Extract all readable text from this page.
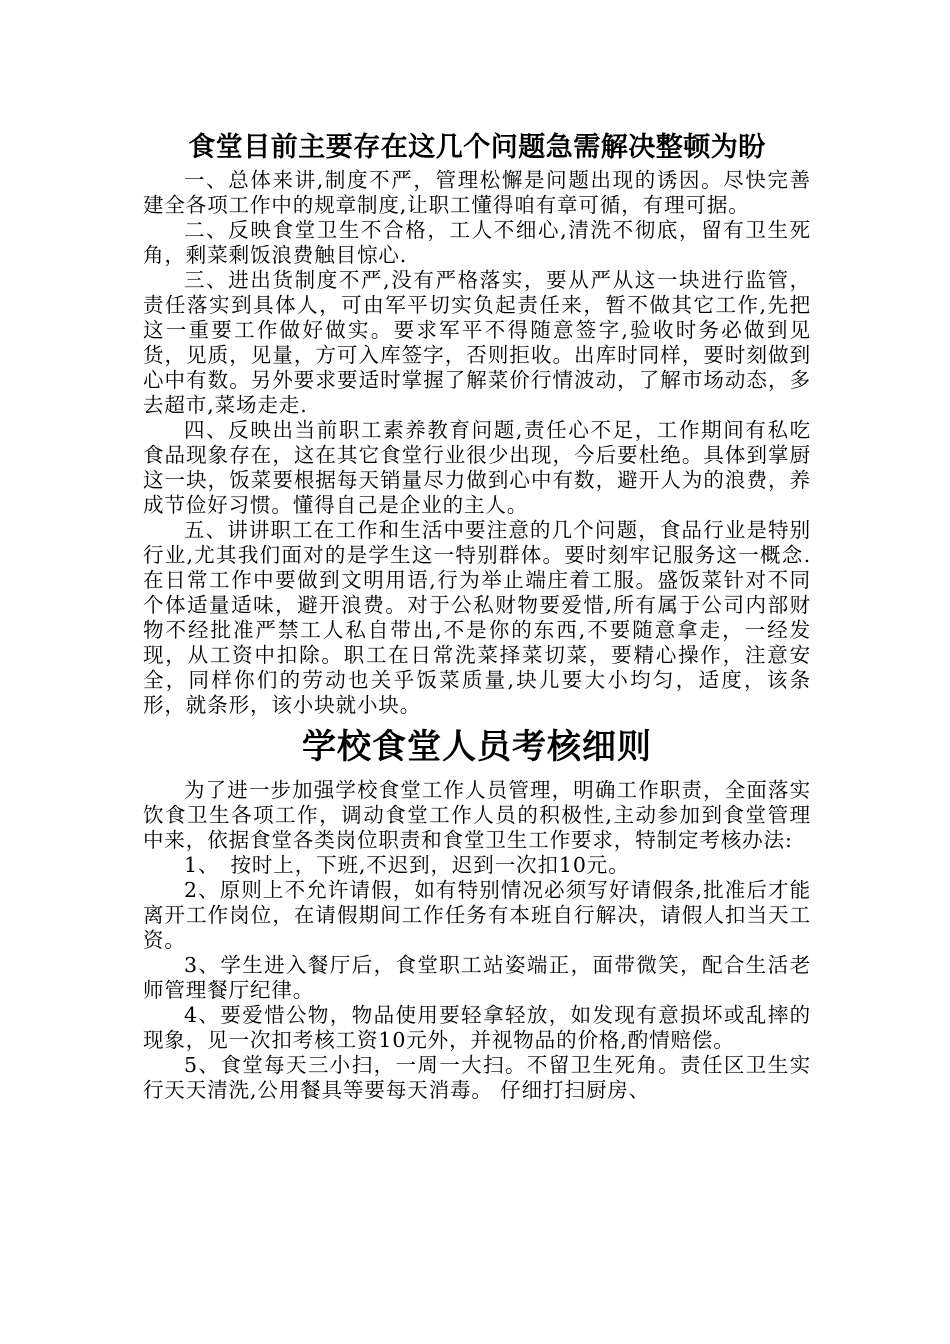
食堂目前主要存在这几个问题急需解决整顿为盼

一、总体来讲,制度不严，管理松懈是问题出现的诱因。尽快完善建全各项工作中的规章制度,让职工懂得咱有章可循，有理可据。

二、反映食堂卫生不合格，工人不细心,清洗不彻底，留有卫生死角，剩菜剩饭浪费触目惊心.

三、进出货制度不严,没有严格落实，要从严从这一块进行监管，责任落实到具体人，可由军平切实负起责任来，暂不做其它工作,先把这一重要工作做好做实。要求军平不得随意签字,验收时务必做到见货，见质，见量，方可入库签字，否则拒收。出库时同样，要时刻做到心中有数。另外要求要适时掌握了解菜价行情波动，了解市场动态，多去超市,菜场走走.

四、反映出当前职工素养教育问题,责任心不足，工作期间有私吃食品现象存在，这在其它食堂行业很少出现，今后要杜绝。具体到掌厨这一块，饭菜要根据每天销量尽力做到心中有数，避开人为的浪费，养成节俭好习惯。懂得自己是企业的主人。

五、讲讲职工在工作和生活中要注意的几个问题，食品行业是特别行业,尤其我们面对的是学生这一特别群体。要时刻牢记服务这一概念.在日常工作中要做到文明用语,行为举止端庄着工服。盛饭菜针对不同个体适量适味，避开浪费。对于公私财物要爱惜,所有属于公司内部财物不经批准严禁工人私自带出,不是你的东西,不要随意拿走，一经发现，从工资中扣除。职工在日常洗菜择菜切菜，要精心操作，注意安全，同样你们的劳动也关乎饭菜质量,块儿要大小均匀，适度，该条形，就条形，该小块就小块。

学校食堂人员考核细则

为了进一步加强学校食堂工作人员管理，明确工作职责，全面落实饮食卫生各项工作，调动食堂工作人员的积极性,主动参加到食堂管理中来，依据食堂各类岗位职责和食堂卫生工作要求，特制定考核办法:

1、　按时上，下班,不迟到，迟到一次扣10元。

2、原则上不允许请假，如有特别情况必须写好请假条,批准后才能离开工作岗位，在请假期间工作任务有本班自行解决，请假人扣当天工资。

3、学生进入餐厅后，食堂职工站姿端正，面带微笑，配合生活老师管理餐厅纪律。

4、要爱惜公物，物品使用要轻拿轻放，如发现有意损坏或乱摔的现象，见一次扣考核工资10元外，并视物品的价格,酌情赔偿。

5、食堂每天三小扫，一周一大扫。不留卫生死角。责任区卫生实行天天清洗,公用餐具等要每天消毒。 仔细打扫厨房、
